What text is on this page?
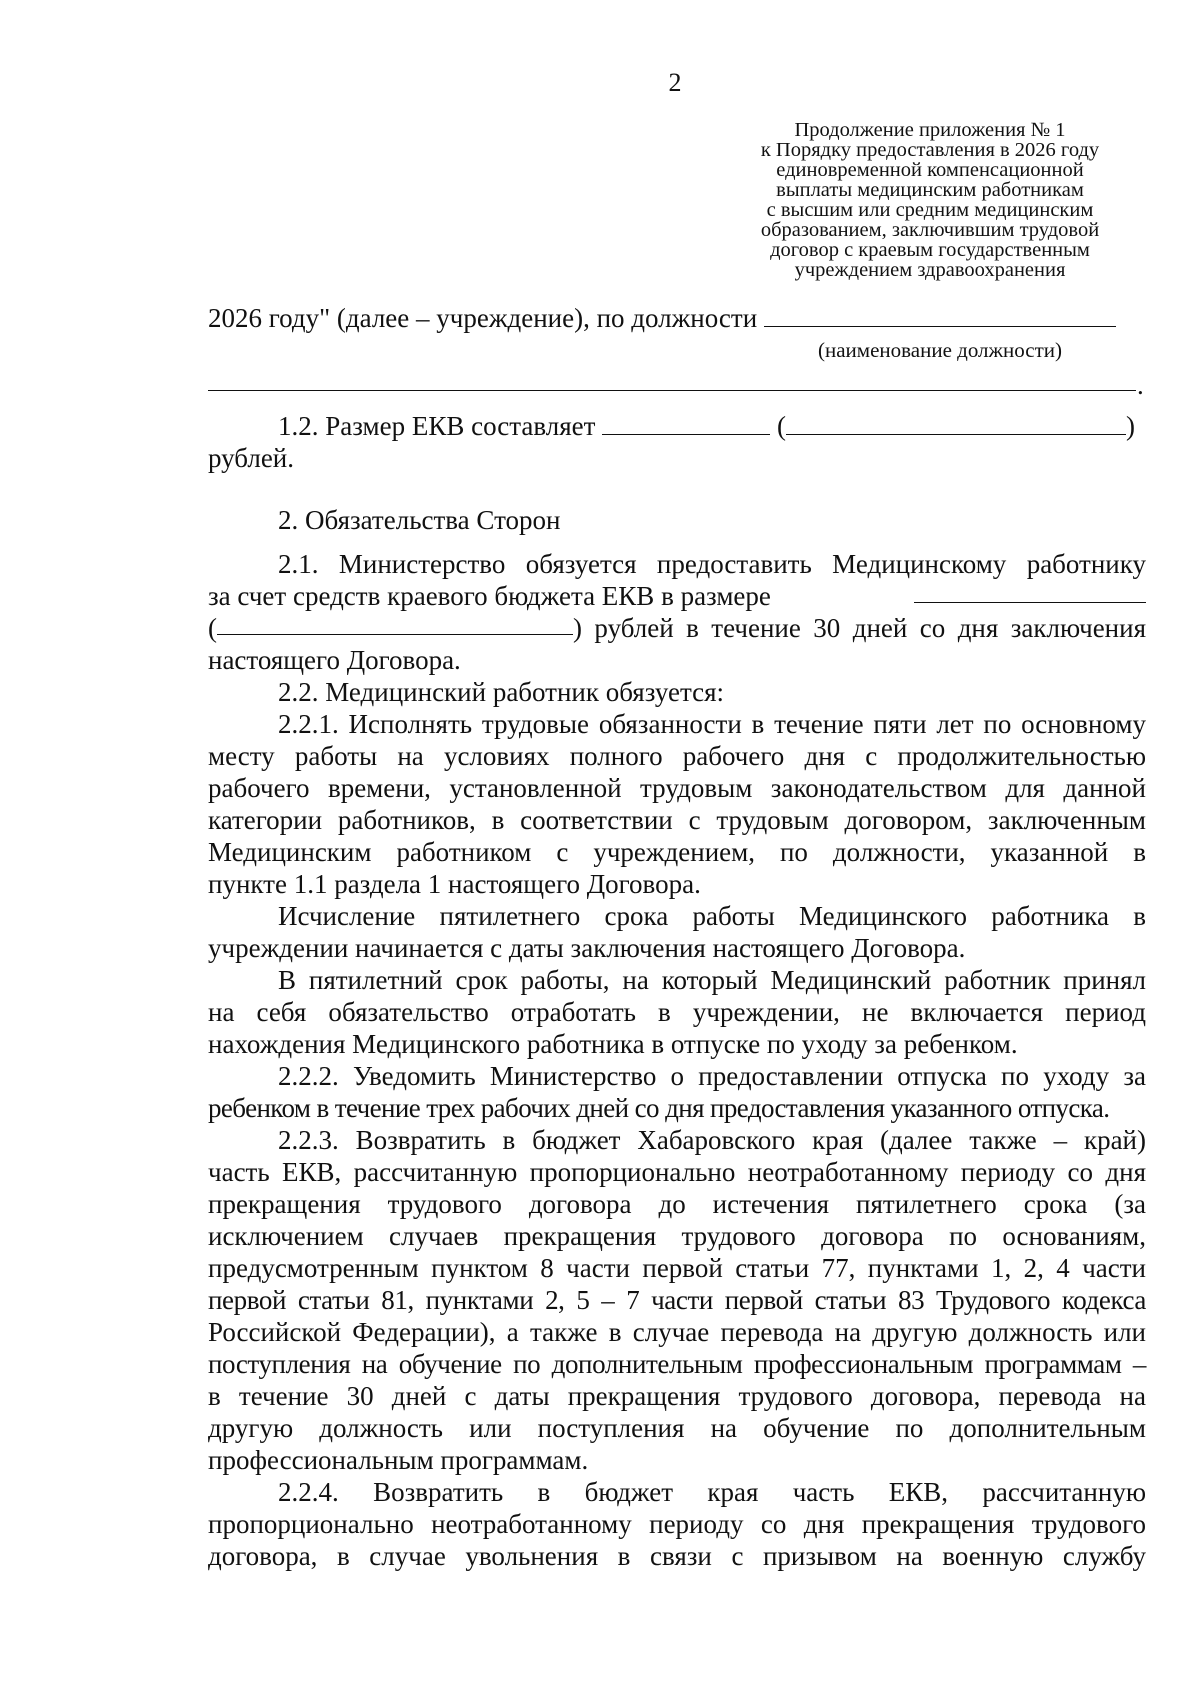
2
Продолжение приложения № 1
к Порядку предоставления в 2026 году
единовременной компенсационной
выплаты медицинским работникам
с высшим или средним медицинским
образованием, заключившим трудовой
договор с краевым государственным
учреждением здравоохранения
2026 году" (далее – учреждение), по должности
(наименование должности)
.
1.2. Размер ЕКВ составляет	(	)
рублей.
2. Обязательства Сторон
2.1. Министерство обязуется предоставить Медицинскому работнику
за счет средств краевого бюджета ЕКВ в размере
(	) рублей в течение 30 дней со дня заключения
настоящего Договора.
2.2. Медицинский работник обязуется:
2.2.1. Исполнять трудовые обязанности в течение пяти лет по основному
месту работы на условиях полного рабочего дня с продолжительностью
рабочего времени, установленной трудовым законодательством для данной
категории работников, в соответствии с трудовым договором, заключенным
Медицинским работником с учреждением, по должности, указанной в
пункте 1.1 раздела 1 настоящего Договора.
Исчисление пятилетнего срока работы Медицинского работника в
учреждении начинается с даты заключения настоящего Договора.
В пятилетний срок работы, на который Медицинский работник принял
на себя обязательство отработать в учреждении, не включается период
нахождения Медицинского работника в отпуске по уходу за ребенком.
2.2.2. Уведомить Министерство о предоставлении отпуска по уходу за
ребенком в течение трех рабочих дней со дня предоставления указанного отпуска.
2.2.3. Возвратить в бюджет Хабаровского края (далее также – край)
часть ЕКВ, рассчитанную пропорционально неотработанному периоду со дня
прекращения трудового договора до истечения пятилетнего срока (за
исключением случаев прекращения трудового договора по основаниям,
предусмотренным пунктом 8 части первой статьи 77, пунктами 1, 2, 4 части
первой статьи 81, пунктами 2, 5 – 7 части первой статьи 83 Трудового кодекса
Российской Федерации), а также в случае перевода на другую должность или
поступления на обучение по дополнительным профессиональным программам –
в течение 30 дней с даты прекращения трудового договора, перевода на
другую должность или поступления на обучение по дополнительным
профессиональным программам.
2.2.4. Возвратить в бюджет края часть ЕКВ, рассчитанную
пропорционально неотработанному периоду со дня прекращения трудового
договора, в случае увольнения в связи с призывом на военную службу
